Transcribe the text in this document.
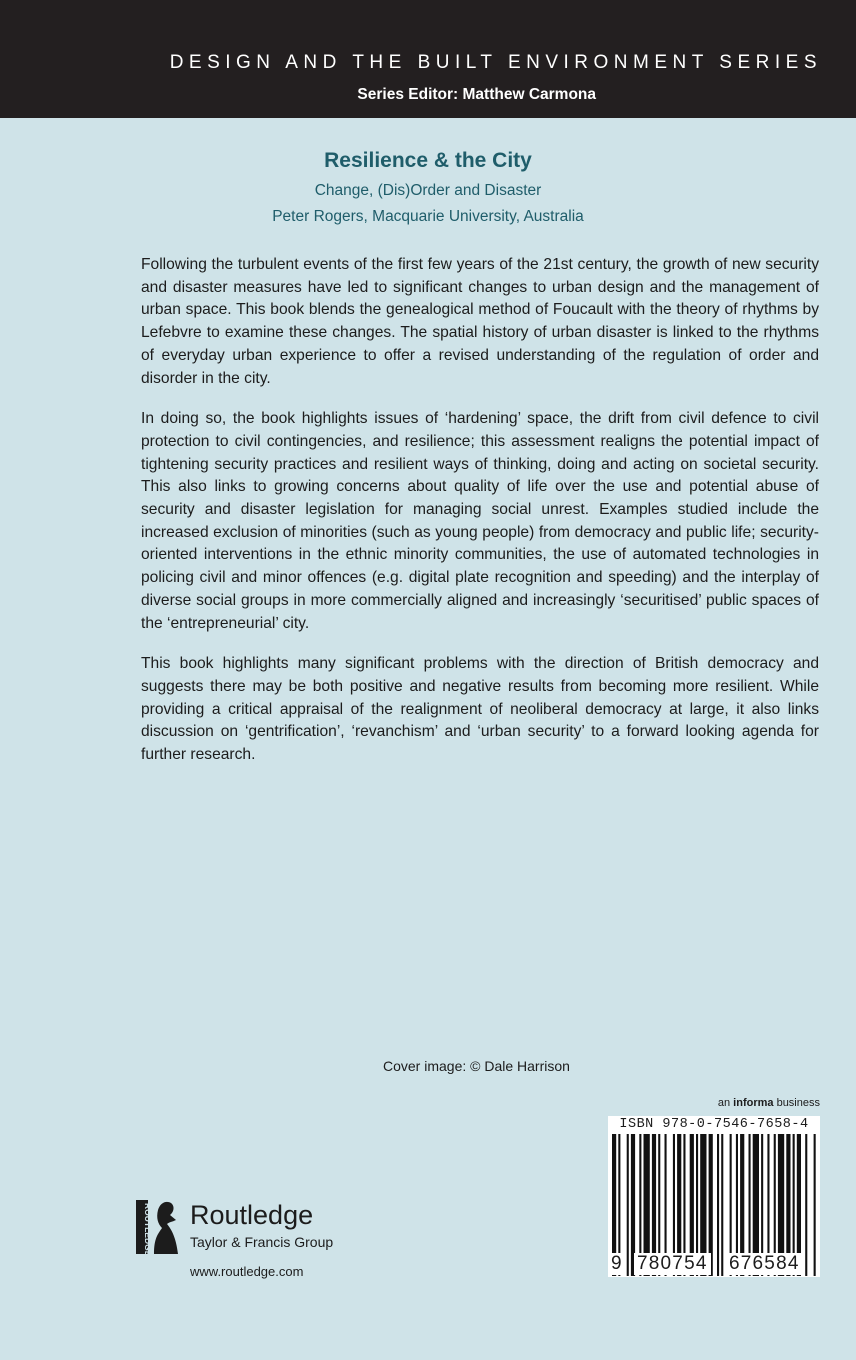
DESIGN AND THE BUILT ENVIRONMENT SERIES
Series Editor: Matthew Carmona
Resilience & the City
Change, (Dis)Order and Disaster
Peter Rogers, Macquarie University, Australia

Following the turbulent events of the first few years of the 21st century, the growth of new security and disaster measures have led to significant changes to urban design and the management of urban space. This book blends the genealogical method of Foucault with the theory of rhythms by Lefebvre to examine these changes. The spatial history of urban disaster is linked to the rhythms of everyday urban experience to offer a revised understanding of the regulation of order and disorder in the city.

In doing so, the book highlights issues of ‘hardening’ space, the drift from civil defence to civil protection to civil contingencies, and resilience; this assessment realigns the potential impact of tightening security practices and resilient ways of thinking, doing and acting on societal security. This also links to growing concerns about quality of life over the use and potential abuse of security and disaster legislation for managing social unrest. Examples studied include the increased exclusion of minorities (such as young people) from democracy and public life; security-oriented interventions in the ethnic minority communities, the use of automated technologies in policing civil and minor offences (e.g. digital plate recognition and speeding) and the interplay of diverse social groups in more commercially aligned and increasingly ‘securitised’ public spaces of the ‘entrepreneurial’ city.

This book highlights many significant problems with the direction of British democracy and suggests there may be both positive and negative results from becoming more resilient. While providing a critical appraisal of the realignment of neoliberal democracy at large, it also links discussion on ‘gentrification’, ‘revanchism’ and ‘urban security’ to a forward looking agenda for further research.

Cover image: © Dale Harrison
an informa business
ISBN 978-0-7546-7658-4
9 780754 676584
ROUTLEDGE Routledge
Taylor & Francis Group
www.routledge.com
